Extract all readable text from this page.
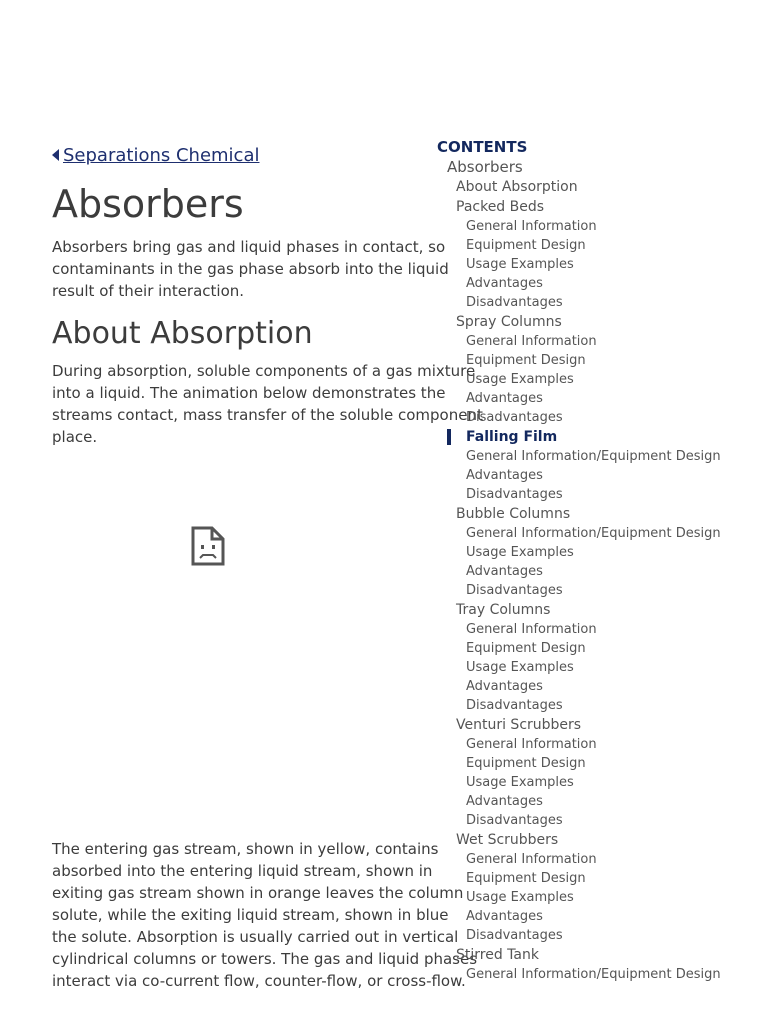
Separations Chemical
Absorbers

Absorbers bring gas and liquid phases in contact, so

contaminants in the gas phase absorb into the liquid

result of their interaction.

About Absorption

During absorption, soluble components of a gas mixture

into a liquid. The animation below demonstrates the

streams contact, mass transfer of the soluble component

place.

The entering gas stream, shown in yellow, contains

absorbed into the entering liquid stream, shown in

exiting gas stream shown in orange leaves the column

solute, while the exiting liquid stream, shown in blue

the solute. Absorption is usually carried out in vertical

cylindrical columns or towers. The gas and liquid phases

interact via co-current flow, counter-flow, or cross-flow.

CONTENTS
Absorbers
About Absorption
Packed Beds
General Information
Equipment Design
Usage Examples
Advantages
Disadvantages
Spray Columns
General Information
Equipment Design
Usage Examples
Advantages
Disadvantages
Falling Film
General Information/Equipment Design
Advantages
Disadvantages
Bubble Columns
General Information/Equipment Design
Usage Examples
Advantages
Disadvantages
Tray Columns
General Information
Equipment Design
Usage Examples
Advantages
Disadvantages
Venturi Scrubbers
General Information
Equipment Design
Usage Examples
Advantages
Disadvantages
Wet Scrubbers
General Information
Equipment Design
Usage Examples
Advantages
Disadvantages
Stirred Tank
General Information/Equipment Design
